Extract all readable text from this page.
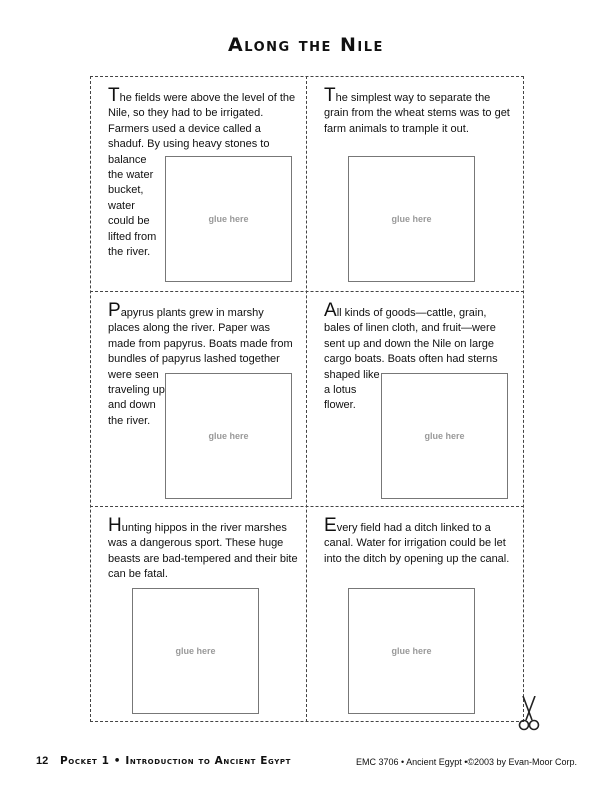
Along the Nile
glue here

The fields were above the level of the Nile, so they had to be irrigated. Farmers used a device called a shaduf. By using heavy stones to balance the water bucket, water could be lifted from the river.

glue here

The simplest way to separate the grain from the wheat stems was to get farm animals to trample it out.

glue here

Papyrus plants grew in marshy places along the river. Paper was made from papyrus. Boats made from bundles of papyrus lashed together were seen traveling up and down the river.

glue here

All kinds of goods—cattle, grain, bales of linen cloth, and fruit—were sent up and down the Nile on large cargo boats. Boats often had sterns shaped like a lotus flower.

glue here

Hunting hippos in the river marshes was a dangerous sport. These huge beasts are bad-tempered and their bite can be fatal.

glue here

Every field had a ditch linked to a canal. Water for irrigation could be let into the ditch by opening up the canal.

12 Pocket 1 • Introduction to Ancient Egypt	EMC 3706 • Ancient Egypt •©2003 by Evan-Moor Corp.
